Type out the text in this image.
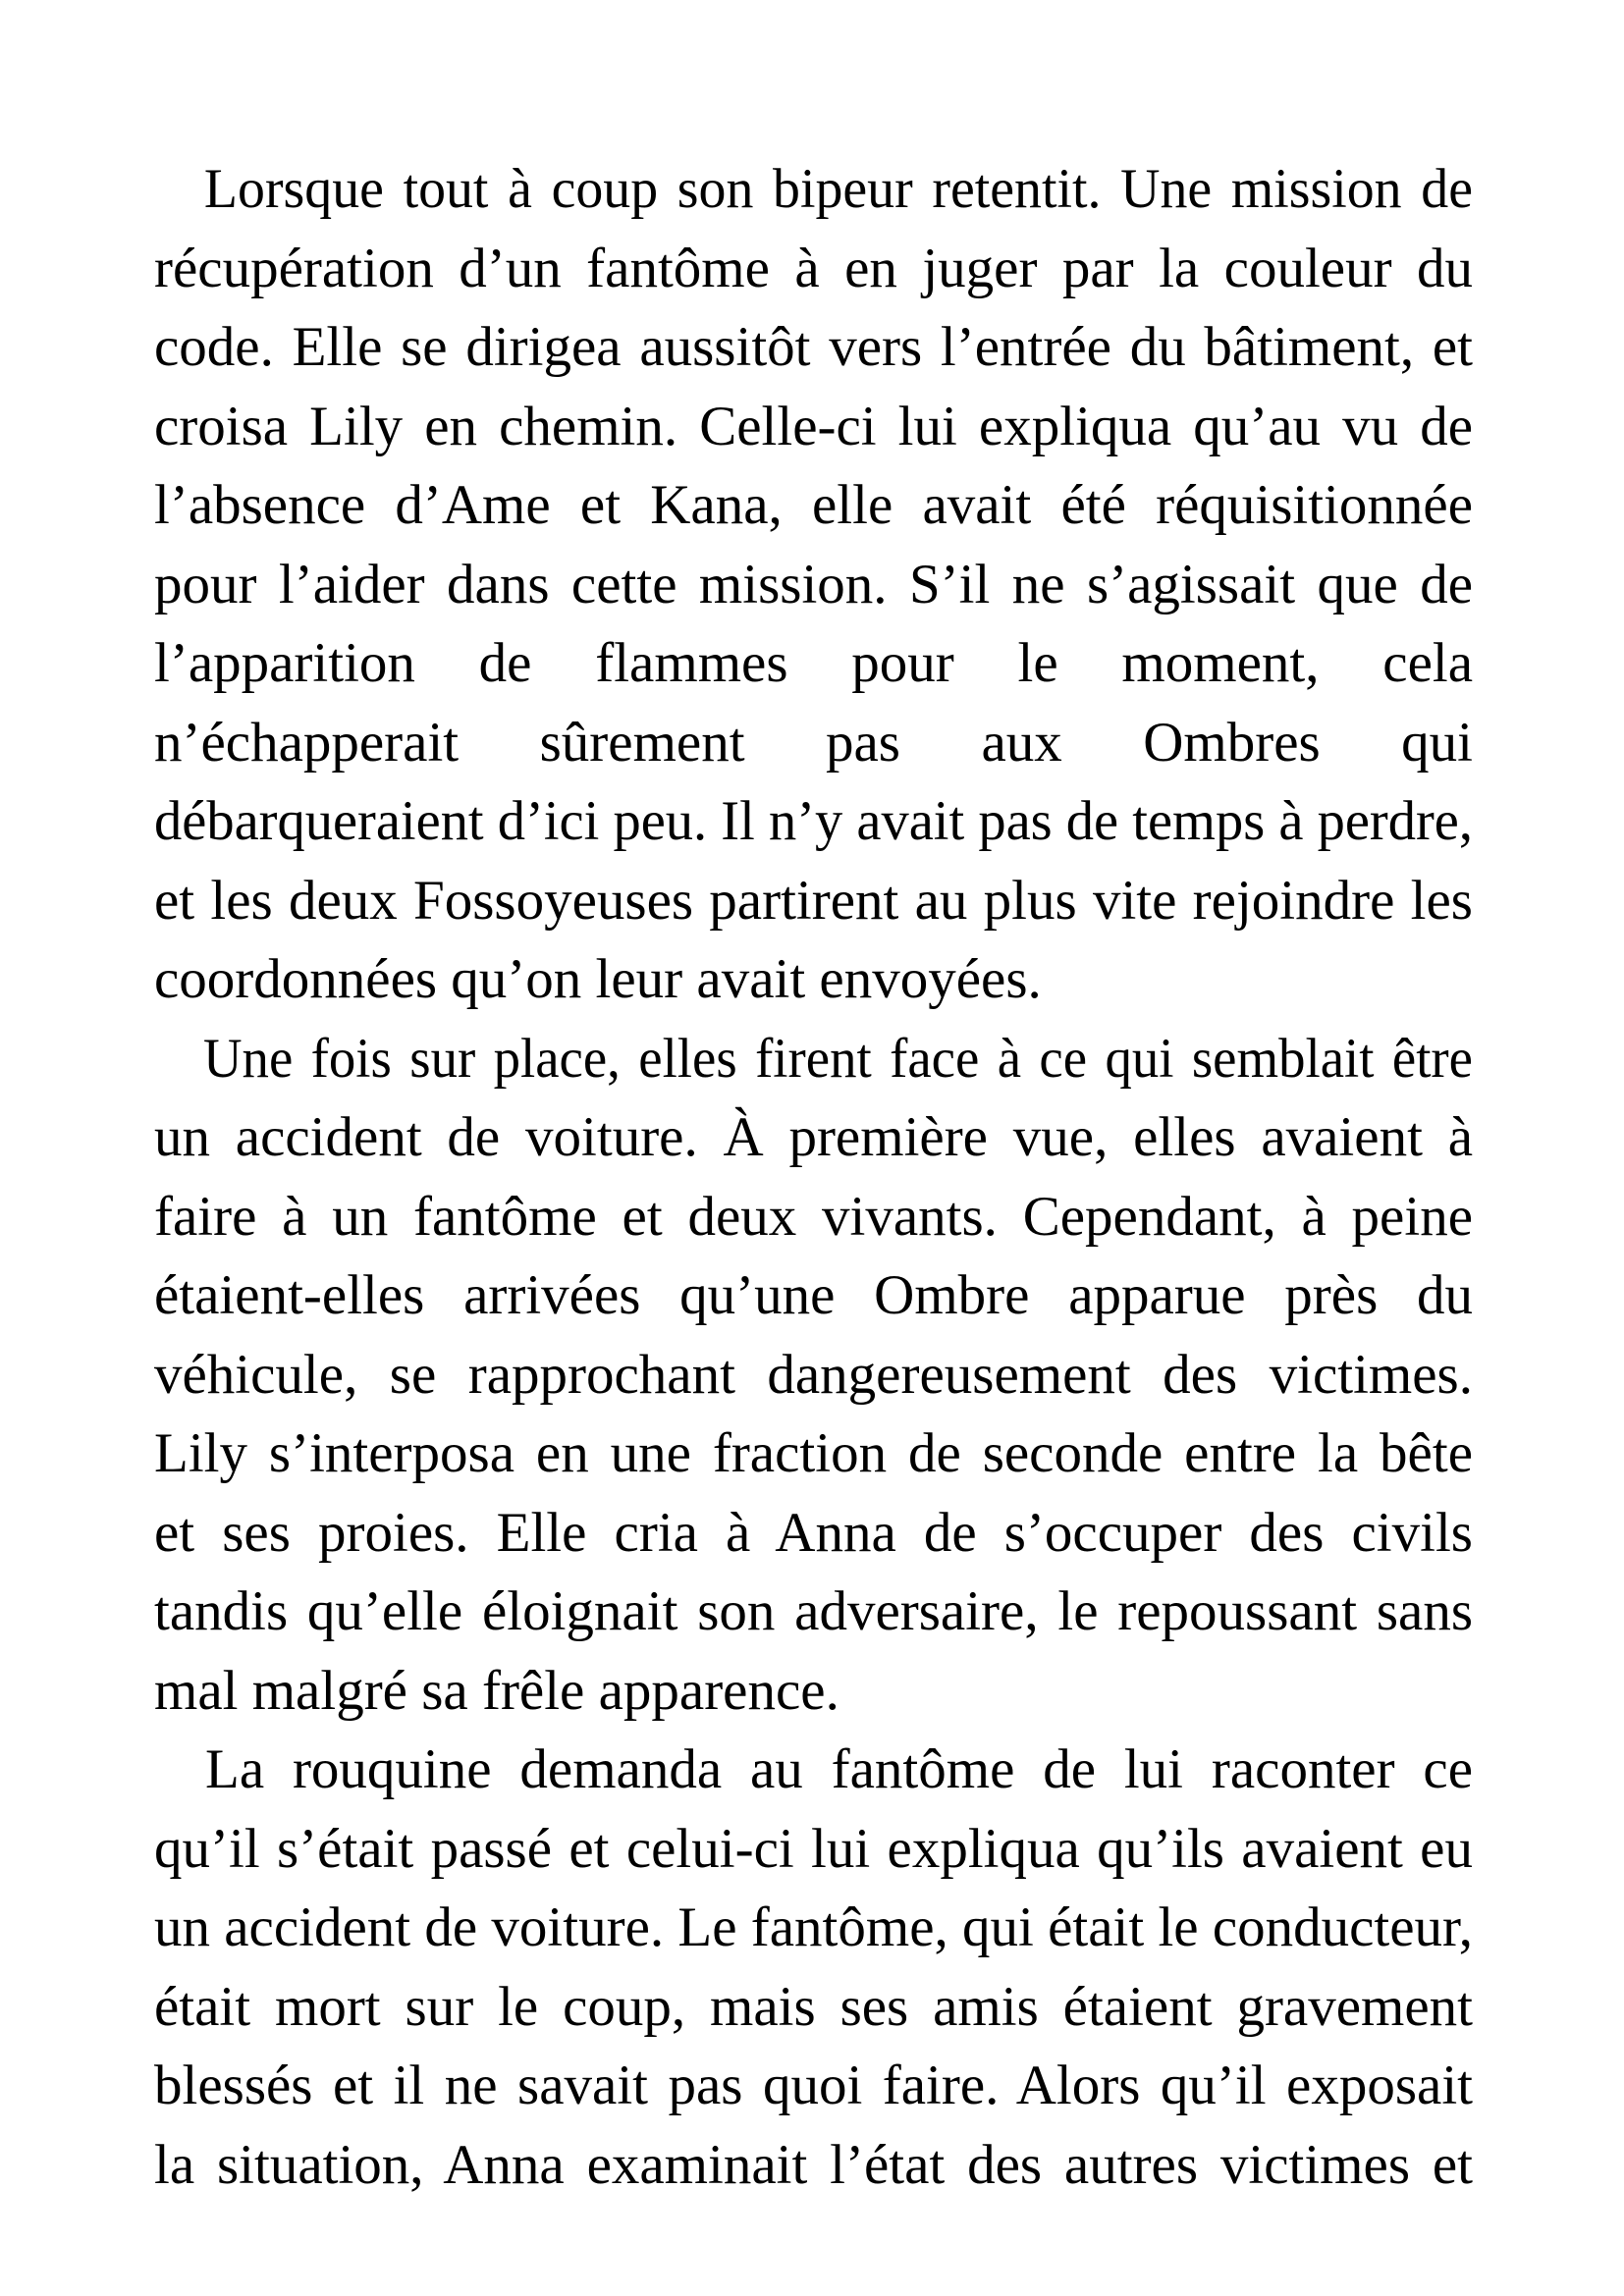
Lorsque tout à coup son bipeur retentit. Une mission de
récupération d’un fantôme à en juger par la couleur du
code. Elle se dirigea aussitôt vers l’entrée du bâtiment, et
croisa Lily en chemin. Celle-ci lui expliqua qu’au vu de
l’absence d’Ame et Kana, elle avait été réquisitionnée
pour l’aider dans cette mission. S’il ne s’agissait que de
l’apparition de flammes pour le moment, cela
n’échapperait sûrement pas aux Ombres qui
débarqueraient d’ici peu. Il n’y avait pas de temps à perdre,
et les deux Fossoyeuses partirent au plus vite rejoindre les
coordonnées qu’on leur avait envoyées.
Une fois sur place, elles firent face à ce qui semblait être
un accident de voiture. À première vue, elles avaient à
faire à un fantôme et deux vivants. Cependant, à peine
étaient-elles arrivées qu’une Ombre apparue près du
véhicule, se rapprochant dangereusement des victimes.
Lily s’interposa en une fraction de seconde entre la bête
et ses proies. Elle cria à Anna de s’occuper des civils
tandis qu’elle éloignait son adversaire, le repoussant sans
mal malgré sa frêle apparence.
La rouquine demanda au fantôme de lui raconter ce
qu’il s’était passé et celui-ci lui expliqua qu’ils avaient eu
un accident de voiture. Le fantôme, qui était le conducteur,
était mort sur le coup, mais ses amis étaient gravement
blessés et il ne savait pas quoi faire. Alors qu’il exposait
la situation, Anna examinait l’état des autres victimes et
